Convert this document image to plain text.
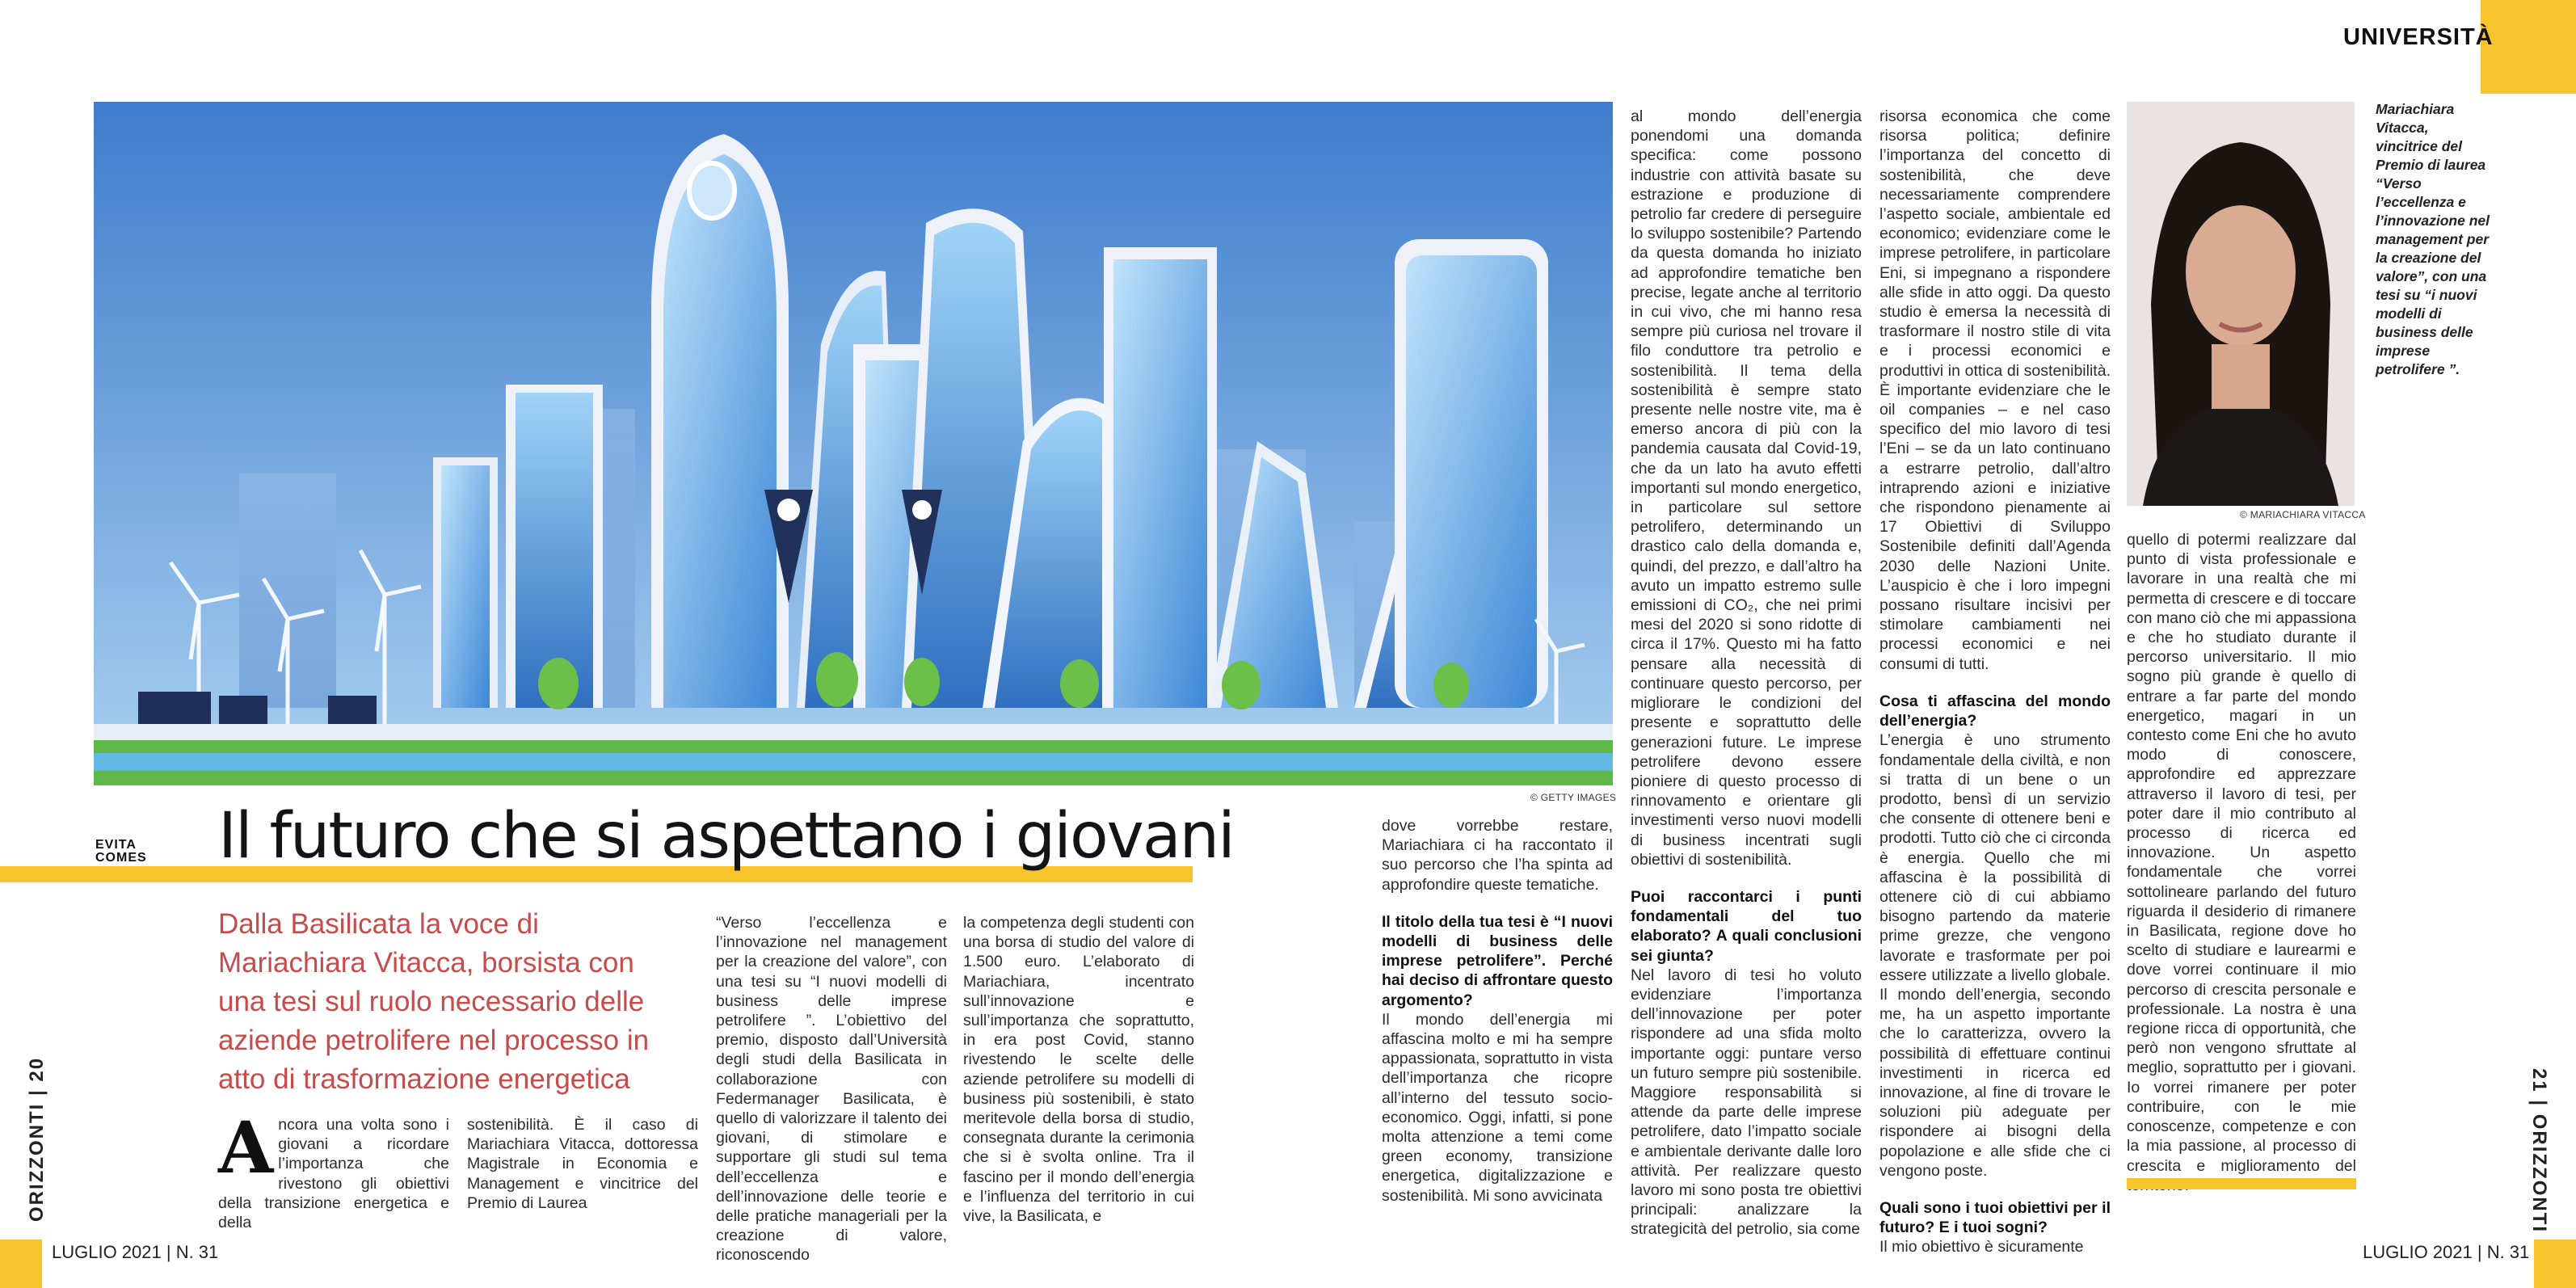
UNIVERSITÀ
© GETTY IMAGES
EVITA COMES Il futuro che si aspettano i giovani
Dalla Basilicata la voce di Mariachiara Vitacca, borsista con una tesi sul ruolo necessario delle aziende petrolifere nel processo in atto di trasformazione energetica
A ncora una volta sono i giovani a ricordare l’importanza che rivestono gli obiettivi della transizione energetica e della
sostenibilità. È il caso di Mariachiara Vitacca, dottoressa Magistrale in Economia e Management e vincitrice del Premio di Laurea
“Verso l’eccellenza e l’innovazione nel management per la creazione del valore”, con una tesi su “I nuovi modelli di business delle imprese petrolifere ”. L’obiettivo del premio, disposto dall’Università degli studi della Basilicata in collaborazione con Federmanager Basilicata, è quello di valorizzare il talento dei giovani, di stimolare e supportare gli studi sul tema dell’eccellenza e dell’innovazione delle teorie e delle pratiche manageriali per la creazione di valore, riconoscendo
la competenza degli studenti con una borsa di studio del valore di 1.500 euro. L’elaborato di Mariachiara, incentrato sull’innovazione e sull’importanza che soprattutto, in era post Covid, stanno rivestendo le scelte delle aziende petrolifere su modelli di business più sostenibili, è stato meritevole della borsa di studio, consegnata durante la cerimonia che si è svolta online. Tra il fascino per il mondo dell’energia e l’influenza del territorio in cui vive, la Basilicata, e

dove vorrebbe restare, Mariachiara ci ha raccontato il suo percorso che l’ha spinta ad approfondire queste tematiche.

Il titolo della tua tesi è “I nuovi modelli di business delle imprese petrolifere”. Perché hai deciso di affrontare questo argomento?

Il mondo dell’energia mi affascina molto e mi ha sempre appassionata, soprattutto in vista dell’importanza che ricopre all’interno del tessuto socio-economico. Oggi, infatti, si pone molta attenzione a temi come green economy, transizione energetica, digitalizzazione e sostenibilità. Mi sono avvicinata

al mondo dell’energia ponendomi una domanda specifica: come possono industrie con attività basate su estrazione e produzione di petrolio far credere di perseguire lo sviluppo sostenibile? Partendo da questa domanda ho iniziato ad approfondire tematiche ben precise, legate anche al territorio in cui vivo, che mi hanno resa sempre più curiosa nel trovare il filo conduttore tra petrolio e sostenibilità. Il tema della sostenibilità è sempre stato presente nelle nostre vite, ma è emerso ancora di più con la pandemia causata dal Covid-19, che da un lato ha avuto effetti importanti sul mondo energetico, in particolare sul settore petrolifero, determinando un drastico calo della domanda e, quindi, del prezzo, e dall’altro ha avuto un impatto estremo sulle emissioni di CO₂, che nei primi mesi del 2020 si sono ridotte di circa il 17%. Questo mi ha fatto pensare alla necessità di continuare questo percorso, per migliorare le condizioni del presente e soprattutto delle generazioni future. Le imprese petrolifere devono essere pioniere di questo processo di rinnovamento e orientare gli investimenti verso nuovi modelli di business incentrati sugli obiettivi di sostenibilità.

Puoi raccontarci i punti fondamentali del tuo elaborato? A quali conclusioni sei giunta?

Nel lavoro di tesi ho voluto evidenziare l’importanza dell’innovazione per poter rispondere ad una sfida molto importante oggi: puntare verso un futuro sempre più sostenibile. Maggiore responsabilità si attende da parte delle imprese petrolifere, dato l’impatto sociale e ambientale derivante dalle loro attività. Per realizzare questo lavoro mi sono posta tre obiettivi principali: analizzare la strategicità del petrolio, sia come

risorsa economica che come risorsa politica; definire l’importanza del concetto di sostenibilità, che deve necessariamente comprendere l’aspetto sociale, ambientale ed economico; evidenziare come le imprese petrolifere, in particolare Eni, si impegnano a rispondere alle sfide in atto oggi. Da questo studio è emersa la necessità di trasformare il nostro stile di vita e i processi economici e produttivi in ottica di sostenibilità. È importante evidenziare che le oil companies – e nel caso specifico del mio lavoro di tesi l’Eni – se da un lato continuano a estrarre petrolio, dall’altro intraprendo azioni e iniziative che rispondono pienamente ai 17 Obiettivi di Sviluppo Sostenibile definiti dall’Agenda 2030 delle Nazioni Unite. L’auspicio è che i loro impegni possano risultare incisivi per stimolare cambiamenti nei processi economici e nei consumi di tutti.

Cosa ti affascina del mondo dell’energia?

L’energia è uno strumento fondamentale della civiltà, e non si tratta di un bene o un prodotto, bensì di un servizio che consente di ottenere beni e prodotti. Tutto ciò che ci circonda è energia. Quello che mi affascina è la possibilità di ottenere ciò di cui abbiamo bisogno partendo da materie prime grezze, che vengono lavorate e trasformate per poi essere utilizzate a livello globale. Il mondo dell’energia, secondo me, ha un aspetto importante che lo caratterizza, ovvero la possibilità di effettuare continui investimenti in ricerca ed innovazione, al fine di trovare le soluzioni più adeguate per rispondere ai bisogni della popolazione e alle sfide che ci vengono poste.

Quali sono i tuoi obiettivi per il futuro? E i tuoi sogni?

Il mio obiettivo è sicuramente

© MARIACHIARA VITACCA
Mariachiara Vitacca, vincitrice del Premio di laurea “Verso l’eccellenza e l’innovazione nel management per la creazione del valore”, con una tesi su “i nuovi modelli di business delle imprese petrolifere ”.
quello di potermi realizzare dal punto di vista professionale e lavorare in una realtà che mi permetta di crescere e di toccare con mano ciò che mi appassiona e che ho studiato durante il percorso universitario. Il mio sogno più grande è quello di entrare a far parte del mondo energetico, magari in un contesto come Eni che ho avuto modo di conoscere, approfondire ed apprezzare attraverso il lavoro di tesi, per poter dare il mio contributo al processo di ricerca ed innovazione. Un aspetto fondamentale che vorrei sottolineare parlando del futuro riguarda il desiderio di rimanere in Basilicata, regione dove ho scelto di studiare e laurearmi e dove vorrei continuare il mio percorso di crescita personale e professionale. La nostra è una regione ricca di opportunità, che però non vengono sfruttate al meglio, soprattutto per i giovani. Io vorrei rimanere per poter contribuire, con le mie conoscenze, competenze e con la mia passione, al processo di crescita e miglioramento del
ORIZZONTI | 20	21 | ORIZZONTI
LUGLIO 2021 | N. 31	LUGLIO 2021 | N. 31
